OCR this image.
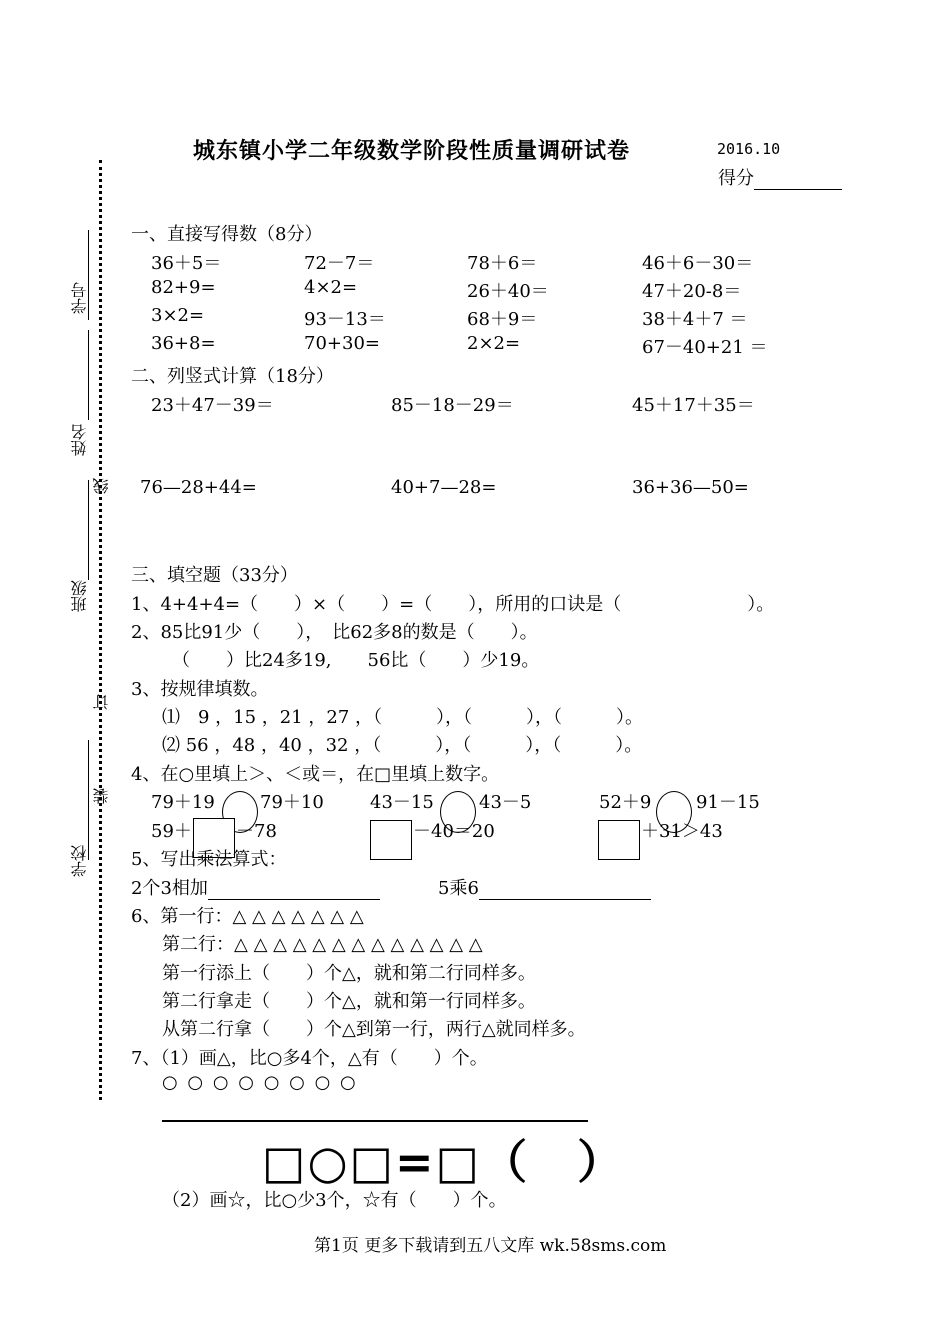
城东镇小学二年级数学阶段性质量调研试卷	2016.10
得分
学号
姓名
线
班级
订
装
学校
一、直接写得数（8分）
36＋5＝	72－7＝	78＋6＝	46＋6－30＝
82+9=	4×2=	26＋40＝	47＋20-8＝
3×2=	93－13＝	68＋9＝	38＋4＋7 ＝
36+8=	70+30=	2×2=	67－40+21 ＝
二、列竖式计算（18分）
23＋47－39＝	85－18－29＝	45＋17＋35＝
76—28+44=	40+7—28=	36+36—50=
三、填空题（33分）
1、4+4+4=（　　）×（　　）=（　　），所用的口诀是（　　　　　　　）。
2、85比91少（　　），　比62多8的数是（　　）。
（　　）比24多19,　　56比（　　）少19。
3、按规律填数。
⑴　9 ，15 ，21 ，27 ，（　　　），（　　　），（　　　）。
⑵ 56 ，48 ，40 ，32 ，（　　　），（　　　），（　　　）。
4、在○里填上＞、＜或＝，在□里填上数字。
79＋19	79＋10	43－15	43－5	52＋9 91－15
59＋ －78	－40＝20	＋31＞43
5、写出乘法算式：
2个3相加	5乘6
6、第一行：△ △ △ △ △ △ △
第二行：△ △ △ △ △ △ △ △ △ △ △ △ △
第一行添上（　　）个△，就和第二行同样多。
第二行拿走（　　）个△，就和第一行同样多。
从第二行拿（　　）个△到第一行，两行△就同样多。
7、（1）画△，比○多4个，△有（　　）个。
○ ○ ○ ○ ○ ○ ○ ○
□○□=□（　）
（2）画☆，比○少3个，☆有（　　）个。
第1页 更多下载请到五八文库 wk.58sms.com
